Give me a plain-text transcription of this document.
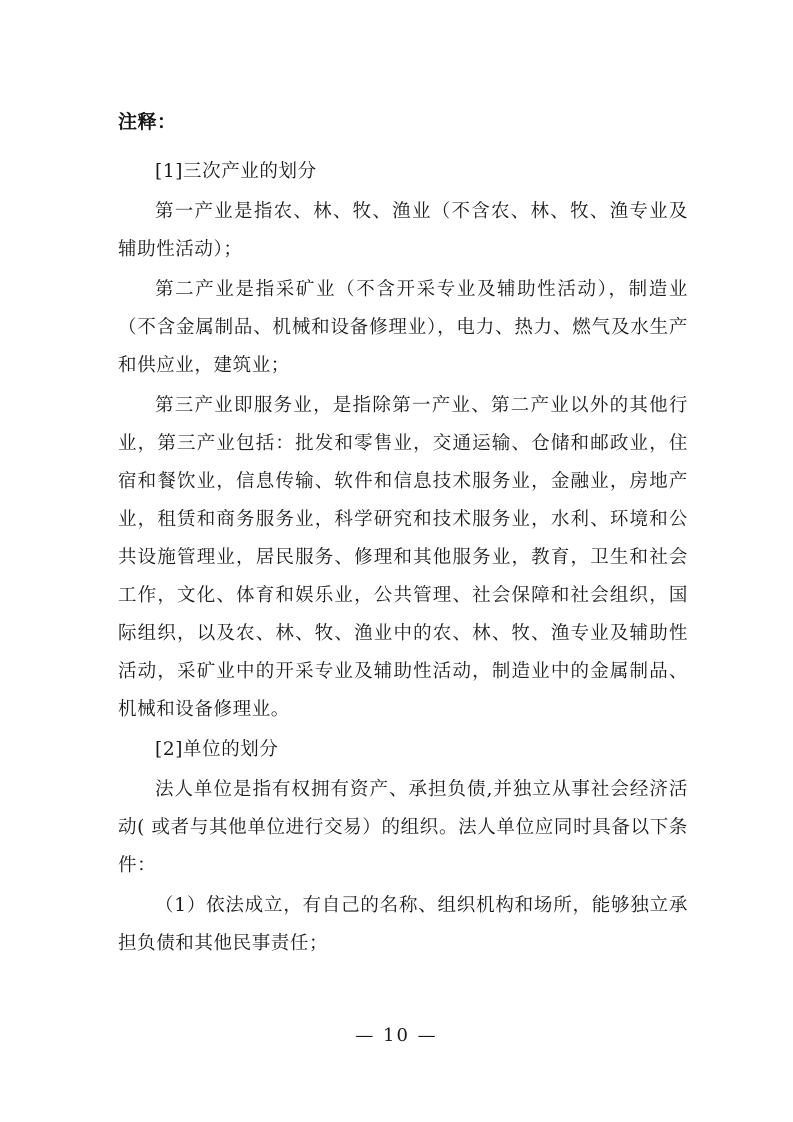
注释：
[1]三次产业的划分
第一产业是指农、林、牧、渔业（不含农、林、牧、渔专业及辅助性活动）；
第二产业是指采矿业（不含开采专业及辅助性活动），制造业（不含金属制品、机械和设备修理业），电力、热力、燃气及水生产和供应业，建筑业；
第三产业即服务业，是指除第一产业、第二产业以外的其他行业，第三产业包括：批发和零售业，交通运输、仓储和邮政业，住宿和餐饮业，信息传输、软件和信息技术服务业，金融业，房地产业，租赁和商务服务业，科学研究和技术服务业，水利、环境和公共设施管理业，居民服务、修理和其他服务业，教育，卫生和社会工作，文化、体育和娱乐业，公共管理、社会保障和社会组织，国际组织，以及农、林、牧、渔业中的农、林、牧、渔专业及辅助性活动，采矿业中的开采专业及辅助性活动，制造业中的金属制品、机械和设备修理业。
[2]单位的划分
法人单位是指有权拥有资产、承担负债,并独立从事社会经济活动( 或者与其他单位进行交易）的组织。法人单位应同时具备以下条件：
（1）依法成立，有自己的名称、组织机构和场所，能够独立承担负债和其他民事责任；
— 10 —
